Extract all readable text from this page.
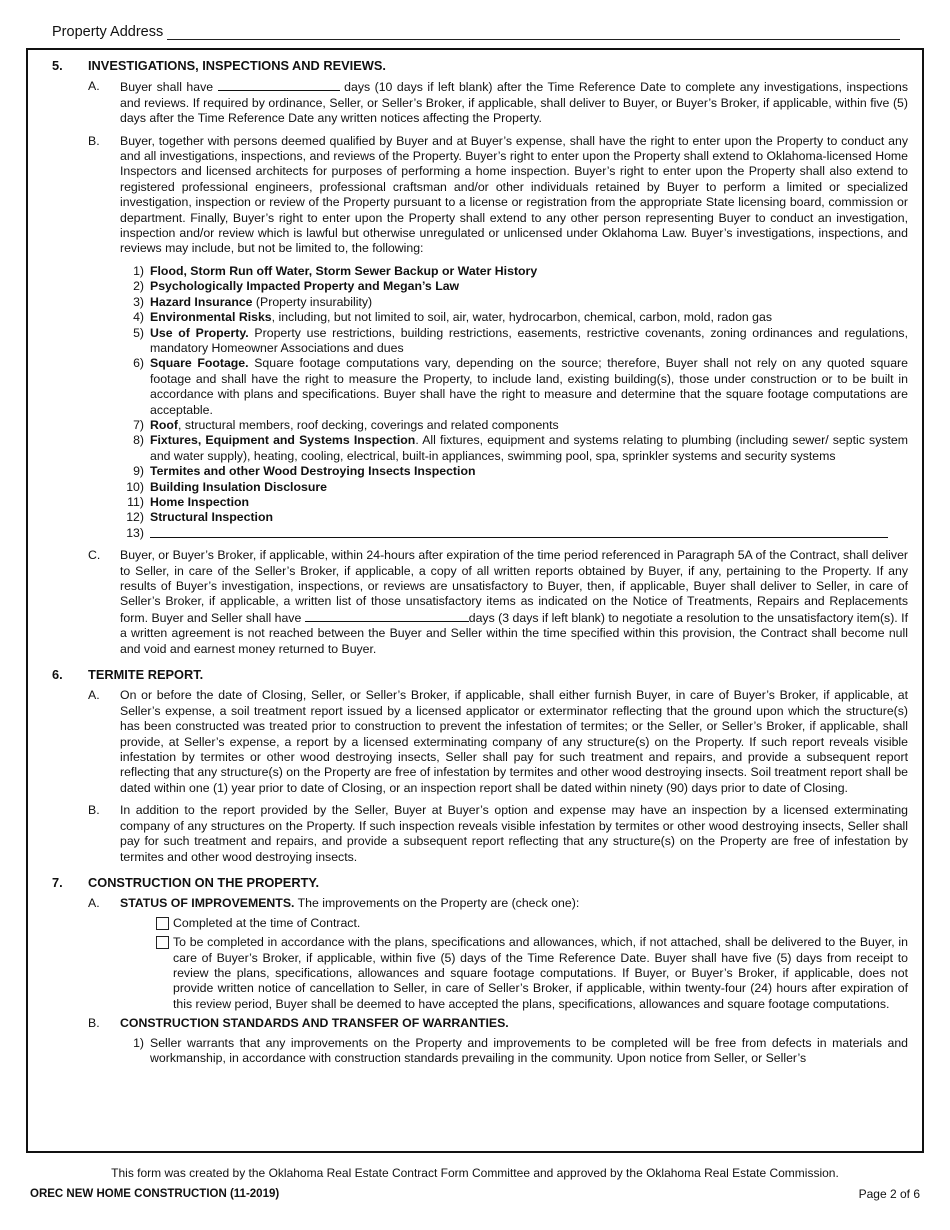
Property Address
5.	INVESTIGATIONS, INSPECTIONS AND REVIEWS.
A.	Buyer shall have	days (10 days if left blank) after the Time Reference Date to complete any investigations, inspections and reviews. If required by ordinance, Seller, or Seller’s Broker, if applicable, shall deliver to Buyer, or Buyer’s Broker, if applicable, within five (5) days after the Time Reference Date any written notices affecting the Property.
B.	Buyer, together with persons deemed qualified by Buyer and at Buyer’s expense, shall have the right to enter upon the Property to conduct any and all investigations, inspections, and reviews of the Property. Buyer’s right to enter upon the Property shall extend to Oklahoma-licensed Home Inspectors and licensed architects for purposes of performing a home inspection. Buyer’s right to enter upon the Property shall also extend to registered professional engineers, professional craftsman and/or other individuals retained by Buyer to perform a limited or specialized investigation, inspection or review of the Property pursuant to a license or registration from the appropriate State licensing board, commission or department. Finally, Buyer’s right to enter upon the Property shall extend to any other person representing Buyer to conduct an investigation, inspection and/or review which is lawful but otherwise unregulated or unlicensed under Oklahoma Law. Buyer’s investigations, inspections, and reviews may include, but not be limited to, the following:
1) Flood, Storm Run off Water, Storm Sewer Backup or Water History
2) Psychologically Impacted Property and Megan’s Law
3) Hazard Insurance (Property insurability)
4) Environmental Risks, including, but not limited to soil, air, water, hydrocarbon, chemical, carbon, mold, radon gas
5) Use of Property. Property use restrictions, building restrictions, easements, restrictive covenants, zoning ordinances and regulations, mandatory Homeowner Associations and dues
6) Square Footage. Square footage computations vary, depending on the source; therefore, Buyer shall not rely on any quoted square footage and shall have the right to measure the Property, to include land, existing building(s), those under construction or to be built in accordance with plans and specifications. Buyer shall have the right to measure and determine that the square footage computations are acceptable.
7) Roof, structural members, roof decking, coverings and related components
8) Fixtures, Equipment and Systems Inspection. All fixtures, equipment and systems relating to plumbing (including sewer/ septic system and water supply), heating, cooling, electrical, built-in appliances, swimming pool, spa, sprinkler systems and security systems
9) Termites and other Wood Destroying Insects Inspection
10) Building Insulation Disclosure
11) Home Inspection
12) Structural Inspection
13)
C.	Buyer, or Buyer’s Broker, if applicable, within 24-hours after expiration of the time period referenced in Paragraph 5A of the Contract, shall deliver to Seller, in care of the Seller’s Broker, if applicable, a copy of all written reports obtained by Buyer, if any, pertaining to the Property. If any results of Buyer’s investigation, inspections, or reviews are unsatisfactory to Buyer, then, if applicable, Buyer shall deliver to Seller, in care of Seller’s Broker, if applicable, a written list of those unsatisfactory items as indicated on the Notice of Treatments, Repairs and Replacements form. Buyer and Seller shall have	days (3 days if left blank) to negotiate a resolution to the unsatisfactory item(s). If a written agreement is not reached between the Buyer and Seller within the time specified within this provision, the Contract shall become null and void and earnest money returned to Buyer.
6.	TERMITE REPORT.
A.	On or before the date of Closing, Seller, or Seller’s Broker, if applicable, shall either furnish Buyer, in care of Buyer’s Broker, if applicable, at Seller’s expense, a soil treatment report issued by a licensed applicator or exterminator reflecting that the ground upon which the structure(s) has been constructed was treated prior to construction to prevent the infestation of termites; or the Seller, or Seller’s Broker, if applicable, shall provide, at Seller’s expense, a report by a licensed exterminating company of any structure(s) on the Property. If such report reveals visible infestation by termites or other wood destroying insects, Seller shall pay for such treatment and repairs, and provide a subsequent report reflecting that any structure(s) on the Property are free of infestation by termites and other wood destroying insects. Soil treatment report shall be dated within one (1) year prior to date of Closing, or an inspection report shall be dated within ninety (90) days prior to date of Closing.
B.	In addition to the report provided by the Seller, Buyer at Buyer’s option and expense may have an inspection by a licensed exterminating company of any structures on the Property. If such inspection reveals visible infestation by termites or other wood destroying insects, Seller shall pay for such treatment and repairs, and provide a subsequent report reflecting that any structure(s) on the Property are free of infestation by termites and other wood destroying insects.
7.	CONSTRUCTION ON THE PROPERTY.
A.	STATUS OF IMPROVEMENTS. The improvements on the Property are (check one):
Completed at the time of Contract.
To be completed in accordance with the plans, specifications and allowances, which, if not attached, shall be delivered to the Buyer, in care of Buyer’s Broker, if applicable, within five (5) days of the Time Reference Date. Buyer shall have five (5) days from receipt to review the plans, specifications, allowances and square footage computations. If Buyer, or Buyer’s Broker, if applicable, does not provide written notice of cancellation to Seller, in care of Seller’s Broker, if applicable, within twenty-four (24) hours after expiration of this review period, Buyer shall be deemed to have accepted the plans, specifications, allowances and square footage computations.
B.	CONSTRUCTION STANDARDS AND TRANSFER OF WARRANTIES.
1) Seller warrants that any improvements on the Property and improvements to be completed will be free from defects in materials and workmanship, in accordance with construction standards prevailing in the community. Upon notice from Seller, or Seller’s
This form was created by the Oklahoma Real Estate Contract Form Committee and approved by the Oklahoma Real Estate Commission.
OREC NEW HOME CONSTRUCTION (11-2019)	Page 2 of 6
